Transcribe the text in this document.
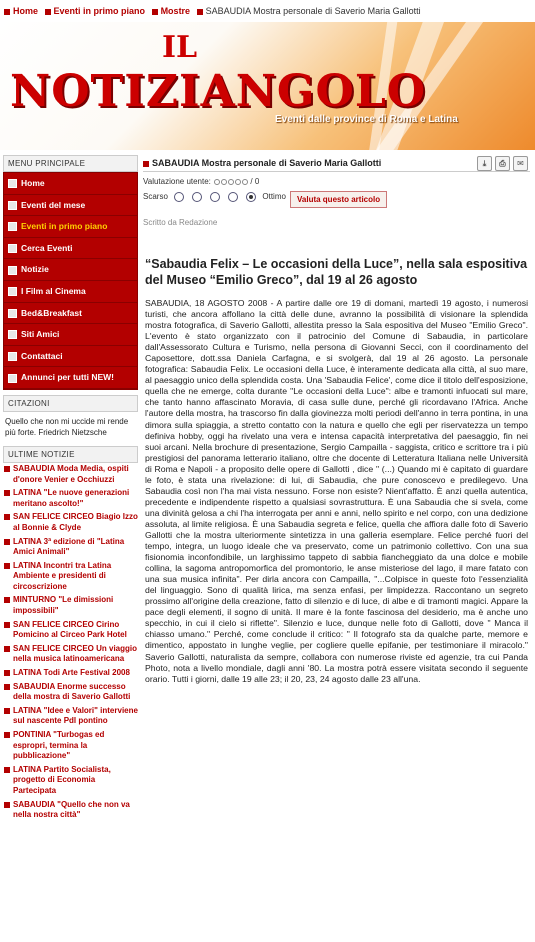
Home Eventi in primo piano Mostre SABAUDIA Mostra personale di Saverio Maria Gallotti
IL
NOTIZIANGOLO
Eventi dalle province di Roma e Latina
MENU PRINCIPALE
Home
Eventi del mese
Eventi in primo piano
Cerca Eventi
Notizie
I Film al Cinema
Bed&Breakfast
Siti Amici
Contattaci
Annunci per tutti NEW!
CITAZIONI
Quello che non mi uccide mi rende più forte. Friedrich Nietzsche
ULTIME NOTIZIE
SABAUDIA Moda Media, ospiti d'onore Venier e Occhiuzzi
LATINA "Le nuove generazioni meritano ascolto!"
SAN FELICE CIRCEO Biagio Izzo al Bonnie & Clyde
LATINA 3ª edizione di "Latina Amici Animali"
LATINA Incontri tra Latina Ambiente e presidenti di circoscrizione
MINTURNO "Le dimissioni impossibili"
SAN FELICE CIRCEO Cirino Pomicino al Circeo Park Hotel
SAN FELICE CIRCEO Un viaggio nella musica latinoamericana
LATINA Todi Arte Festival 2008
SABAUDIA Enorme successo della mostra di Saverio Gallotti
LATINA "Idee e Valori" interviene sul nascente Pdl pontino
PONTINIA "Turbogas ed espropri, termina la pubblicazione"
LATINA Partito Socialista, progetto di Economia Partecipata
SABAUDIA "Quello che non va nella nostra città"
SABAUDIA Mostra personale di Saverio Maria Gallotti	⤓ ⎙ ✉
Valutazione utente:	/ 0
Scarso	Ottimo	Valuta questo articolo
Scritto da Redazione
“Sabaudia Felix – Le occasioni della Luce”, nella sala espositiva del Museo “Emilio Greco”, dal 19 al 26 agosto
SABAUDIA, 18 AGOSTO 2008 - A partire dalle ore 19 di domani, martedì 19 agosto, i numerosi turisti, che ancora affollano la città delle dune, avranno la possibilità di visionare la splendida mostra fotografica, di Saverio Gallotti, allestita presso la Sala espositiva del Museo "Emilio Greco". L'evento è stato organizzato con il patrocinio del Comune di Sabaudia, in particolare dall'Assessorato Cultura e Turismo, nella persona di Giovanni Secci, con il coordinamento del Caposettore, dott.ssa Daniela Carfagna, e si svolgerà, dal 19 al 26 agosto. La personale fotografica: Sabaudia Felix. Le occasioni della Luce, è interamente dedicata alla città, al suo mare, al paesaggio unico della splendida costa. Una 'Sabaudia Felice', come dice il titolo dell'esposizione, quella che ne emerge, colta durante "Le occasioni della Luce": albe e tramonti infuocati sul mare, che tanto hanno affascinato Moravia, di casa sulle dune, perché gli ricordavano l'Africa. Anche l'autore della mostra, ha trascorso fin dalla giovinezza molti periodi dell'anno in terra pontina, in una dimora sulla spiaggia, a stretto contatto con la natura e quello che egli per riservatezza un tempo definiva hobby, oggi ha rivelato una vera e intensa capacità interpretativa del paesaggio, fin nei suoi arcani. Nella brochure di presentazione, Sergio Campailla - saggista, critico e scrittore tra i più prestigiosi del panorama letterario italiano, oltre che docente di Letteratura Italiana nelle Università di Roma e Napoli - a proposito delle opere di Gallotti , dice " (...) Quando mi è capitato di guardare le foto, è stata una rivelazione: di lui, di Sabaudia, che pure conoscevo e predilegevo. Una Sabaudia così non l'ha mai vista nessuno. Forse non esiste? Nient'affatto. È anzi quella autentica, precedente e indipendente rispetto a qualsiasi sovrastruttura. È una Sabaudia che si svela, come una divinità gelosa a chi l'ha interrogata per anni e anni, nello spirito e nel corpo, con una dedizione assoluta, al limite religiosa. È una Sabaudia segreta e felice, quella che affiora dalle foto di Saverio Gallotti che la mostra ulteriormente sintetizza in una galleria esemplare. Felice perché fuori del tempo, integra, un luogo ideale che va preservato, come un patrimonio collettivo. Con una sua fisionomia inconfondibile, un larghissimo tappeto di sabbia fiancheggiato da una dolce e mobile collina, la sagoma antropomorfica del promontorio, le anse misteriose del lago, il mare fatato con una sua musica infinita". Per dirla ancora con Campailla, "...Colpisce in queste foto l'essenzialità del linguaggio. Sono di qualità lirica, ma senza enfasi, per limpidezza. Raccontano un segreto prossimo all'origine della creazione, fatto di silenzio e di luce, di albe e di tramonti magici. Appare la pace degli elementi, il sogno di unità. Il mare è la fonte fascinosa del desiderio, ma è anche uno specchio, in cui il cielo si riflette". Silenzio e luce, dunque nelle foto di Gallotti, dove " Manca il chiasso umano." Perché, come conclude il critico: " Il fotografo sta da qualche parte, memore e dimentico, appostato in lunghe veglie, per cogliere quelle epifanie, per testimoniare il miracolo." Saverio Gallotti, naturalista da sempre, collabora con numerose riviste ed agenzie, tra cui Panda Photo, nota a livello mondiale, dagli anni '80. La mostra potrà essere visitata secondo il seguente orario. Tutti i giorni, dalle 19 alle 23; il 20, 23, 24 agosto dalle 23 all'una.
